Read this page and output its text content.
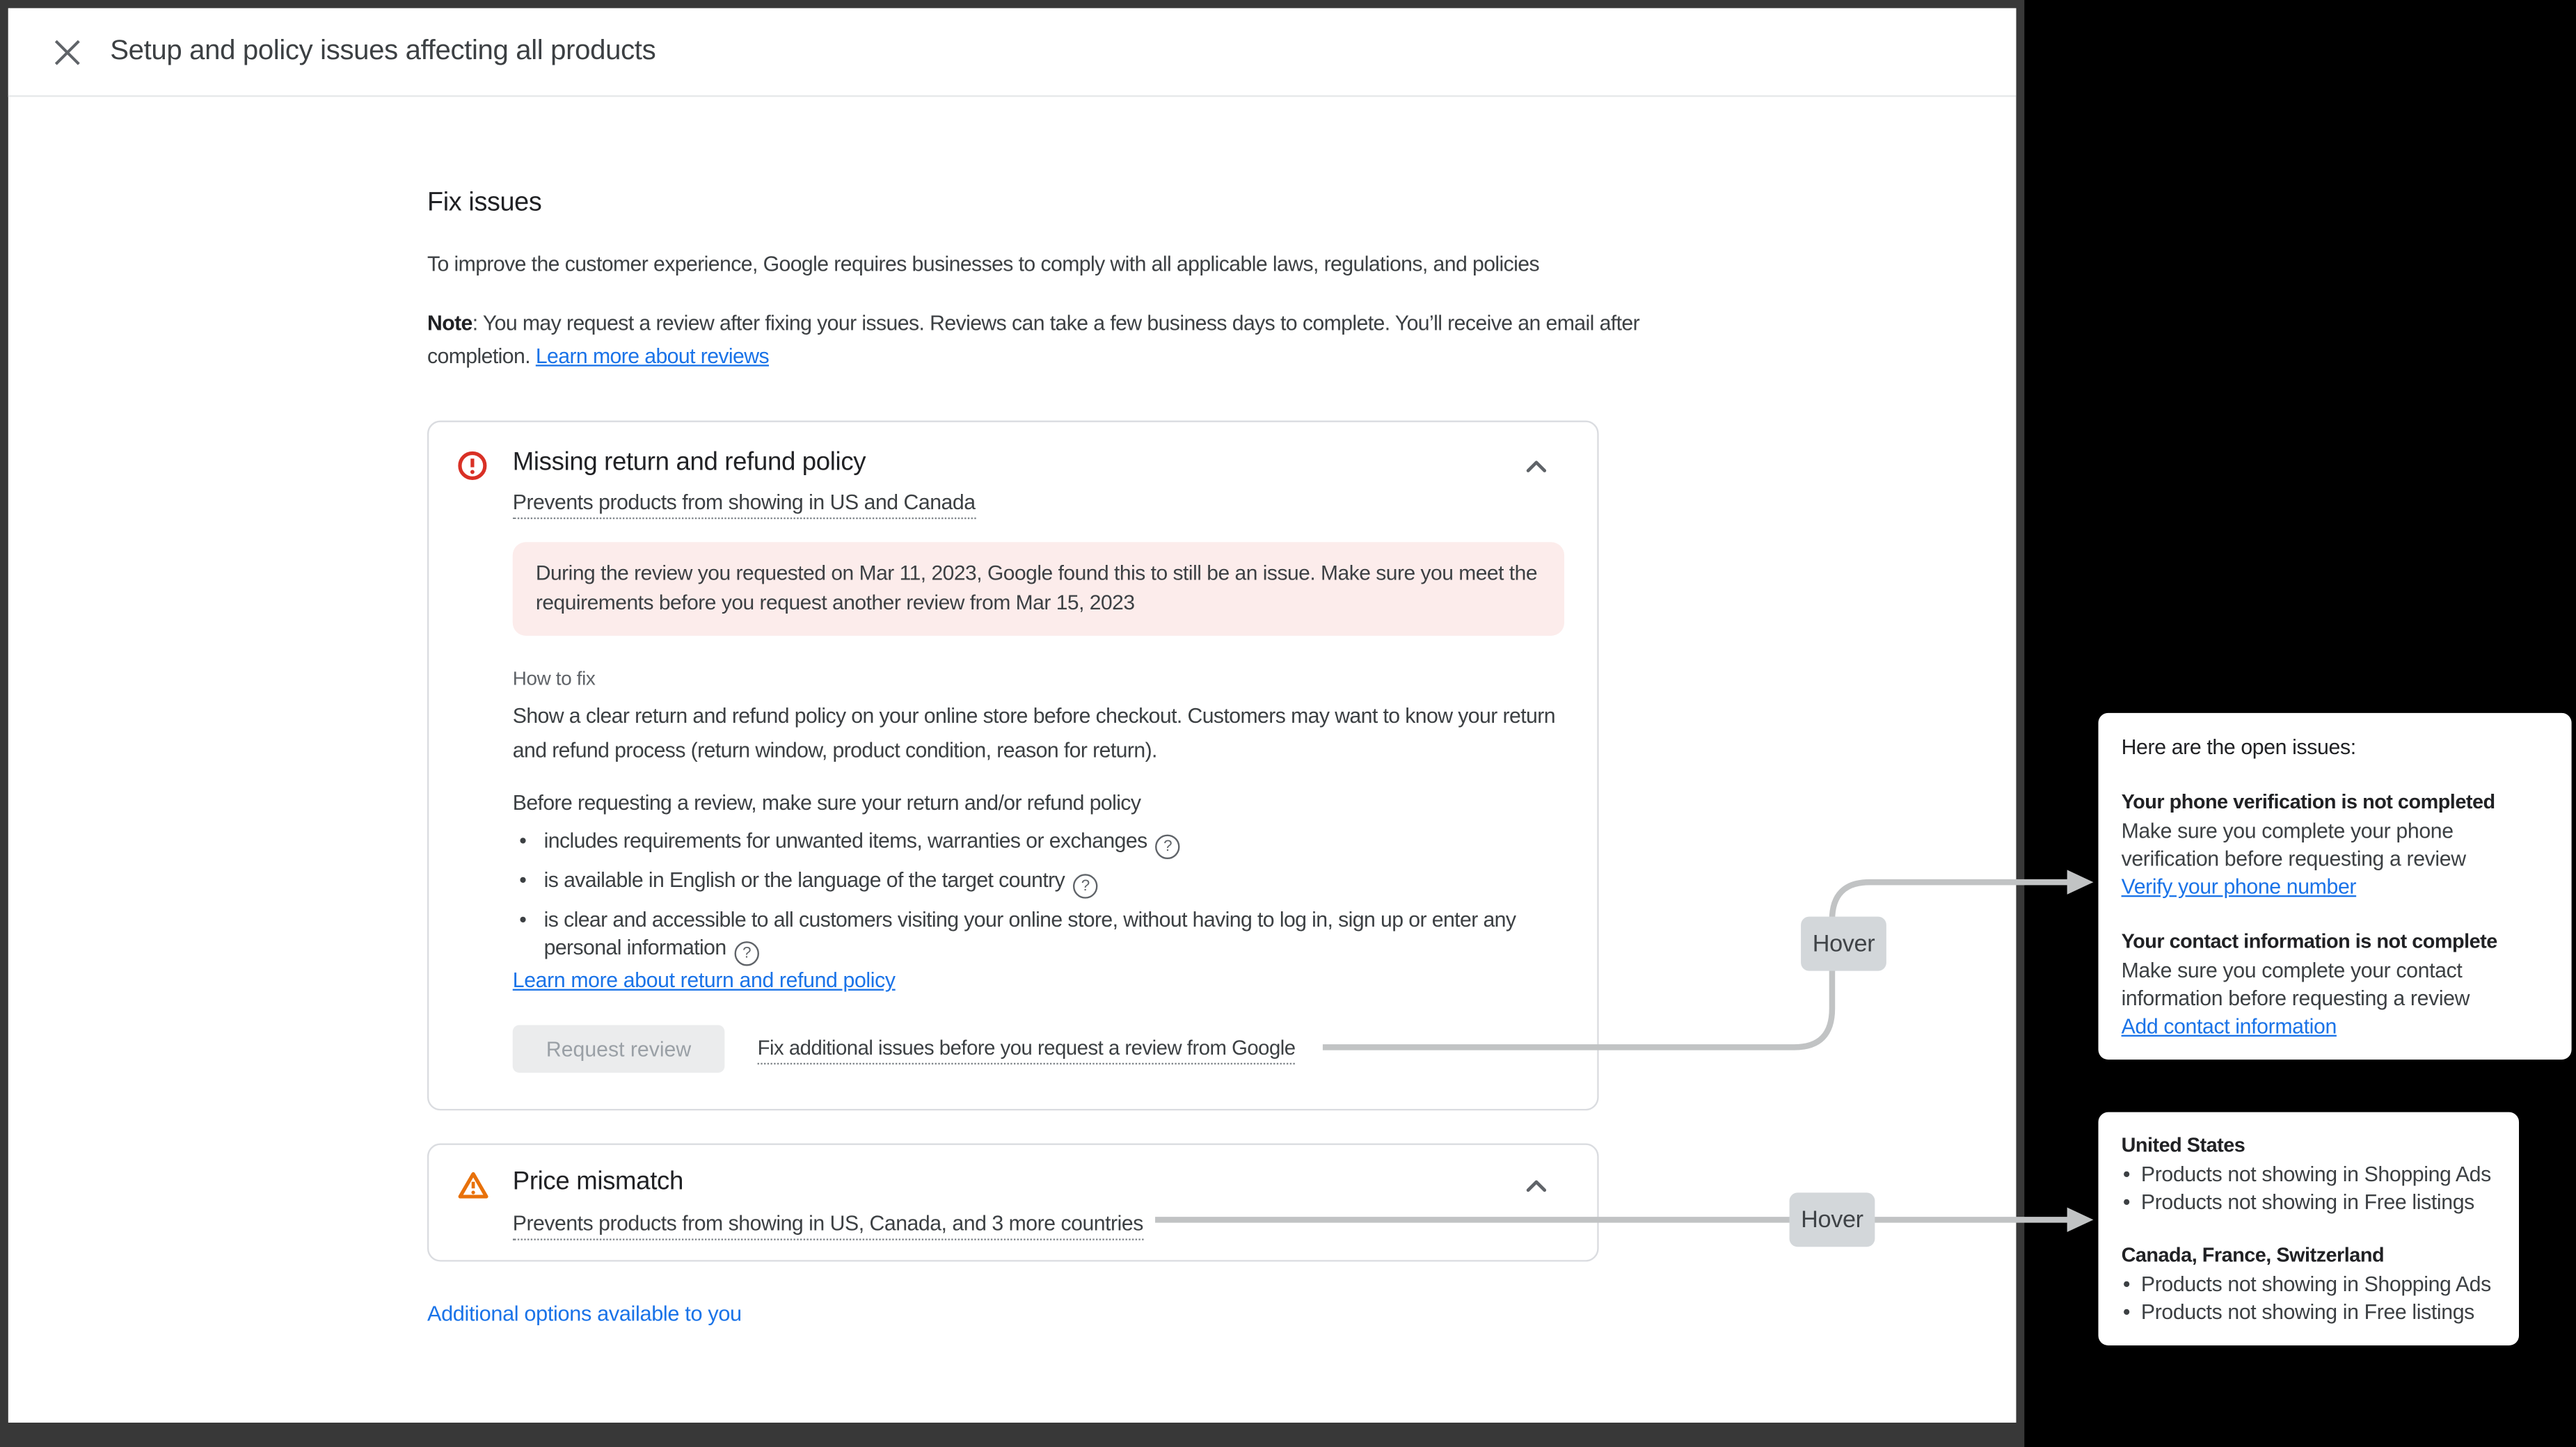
Setup and policy issues affecting all products
Fix issues
To improve the customer experience, Google requires businesses to comply with all applicable laws, regulations, and policies
Note: You may request a review after fixing your issues. Reviews can take a few business days to complete. You’ll receive an email after completion. Learn more about reviews
Missing return and refund policy
Prevents products from showing in US and Canada
During the review you requested on Mar 11, 2023, Google found this to still be an issue. Make sure you meet the requirements before you request another review from Mar 15, 2023
How to fix
Show a clear return and refund policy on your online store before checkout. Customers may want to know your return and refund process (return window, product condition, reason for return).
Before requesting a review, make sure your return and/or refund policy
• includes requirements for unwanted items, warranties or exchanges ?
• is available in English or the language of the target country ?
• is clear and accessible to all customers visiting your online store, without having to log in, sign up or enter any personal information ?
Learn more about return and refund policy
Request review	Fix additional issues before you request a review from Google
Price mismatch
Prevents products from showing in US, Canada, and 3 more countries
Additional options available to you
Hover
Hover
Here are the open issues:
Your phone verification is not completed
Make sure you complete your phone verification before requesting a review
Verify your phone number
Your contact information is not complete
Make sure you complete your contact information before requesting a review
Add contact information
United States
• Products not showing in Shopping Ads
• Products not showing in Free listings
Canada, France, Switzerland
• Products not showing in Shopping Ads
• Products not showing in Free listings
